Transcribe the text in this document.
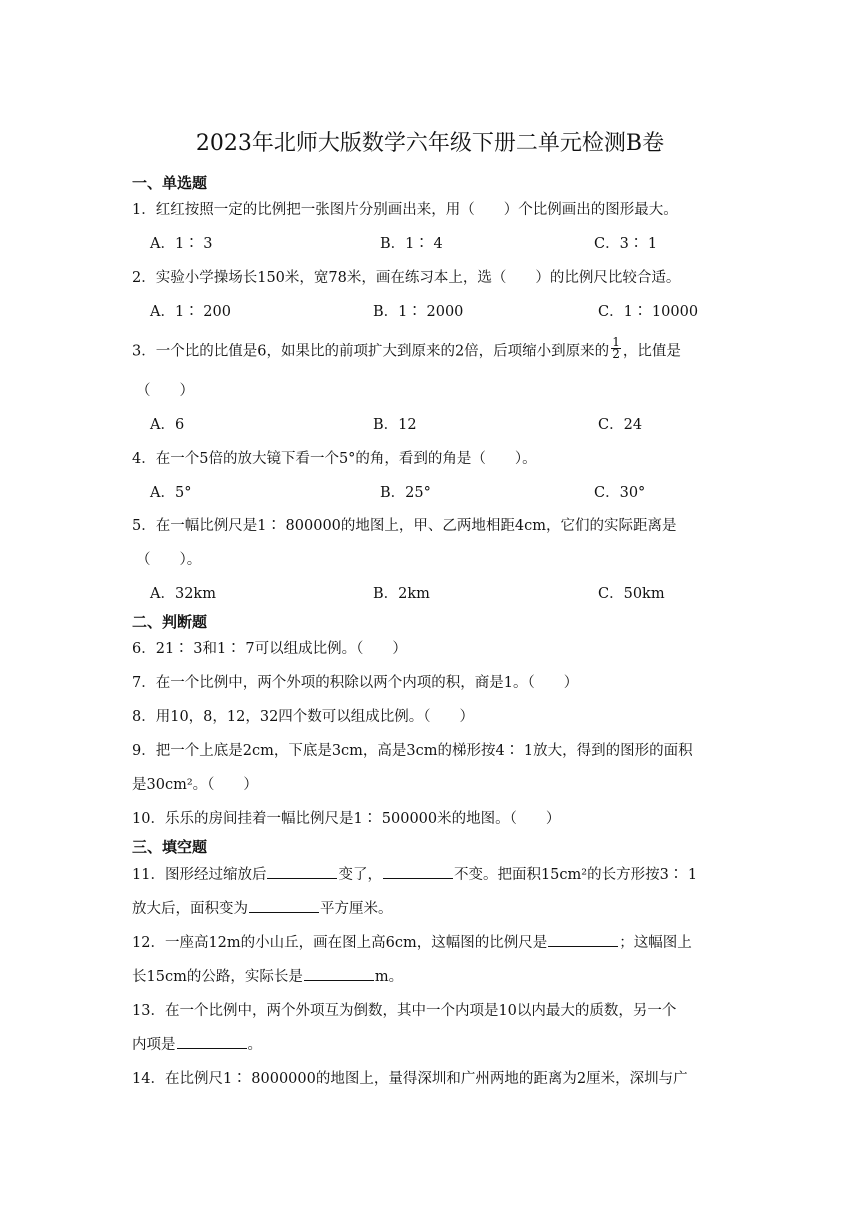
2023年北师大版数学六年级下册二单元检测B卷
一、单选题
1．红红按照一定的比例把一张图片分别画出来，用（　　）个比例画出的图形最大。
A．1∶ 3	B．1∶ 4	C．3∶ 1
2．实验小学操场长150米，宽78米，画在练习本上，选（　　）的比例尺比较合适。
A．1∶ 200	B．1∶ 2000	C．1∶ 10000
3．一个比的比值是6，如果比的前项扩大到原来的2倍，后项缩小到原来的 $\frac{1}{2}$ ，比值是
（　　）
A．6	B．12	C．24
4．在一个5倍的放大镜下看一个5°的角，看到的角是（　　）。
A．5°	B．25°	C．30°
5．在一幅比例尺是1∶ 800000的地图上，甲、乙两地相距4cm，它们的实际距离是
（　　）。
A．32km	B．2km	C．50km
二、判断题
6．21∶ 3和1∶ 7可以组成比例。（　　）
7．在一个比例中，两个外项的积除以两个内项的积，商是1。（　　）
8．用10，8，12，32四个数可以组成比例。（　　）
9．把一个上底是2cm，下底是3cm，高是3cm的梯形按4∶ 1放大，得到的图形的面积
是30cm²。（　　）
10．乐乐的房间挂着一幅比例尺是1∶ 500000米的地图。（　　）
三、填空题
11．图形经过缩放后	变了，	不变。把面积15cm²的长方形按3∶ 1
放大后，面积变为	平方厘米。
12．一座高12m的小山丘，画在图上高6cm，这幅图的比例尺是	；这幅图上
长15cm的公路，实际长是	m。
13．在一个比例中，两个外项互为倒数，其中一个内项是10以内最大的质数，另一个
内项是	。
14．在比例尺1∶ 8000000的地图上，量得深圳和广州两地的距离为2厘米，深圳与广
